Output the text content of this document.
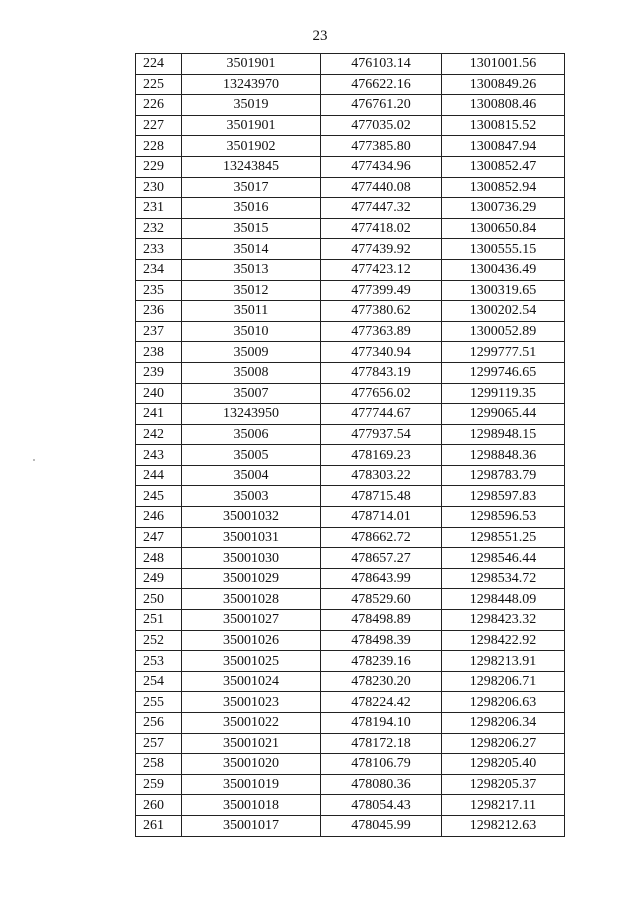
23
224	3501901	476103.14	1301001.56
225	13243970	476622.16	1300849.26
226	35019	476761.20	1300808.46
227	3501901	477035.02	1300815.52
228	3501902	477385.80	1300847.94
229	13243845	477434.96	1300852.47
230	35017	477440.08	1300852.94
231	35016	477447.32	1300736.29
232	35015	477418.02	1300650.84
233	35014	477439.92	1300555.15
234	35013	477423.12	1300436.49
235	35012	477399.49	1300319.65
236	35011	477380.62	1300202.54
237	35010	477363.89	1300052.89
238	35009	477340.94	1299777.51
239	35008	477843.19	1299746.65
240	35007	477656.02	1299119.35
241	13243950	477744.67	1299065.44
242	35006	477937.54	1298948.15
243	35005	478169.23	1298848.36
244	35004	478303.22	1298783.79
245	35003	478715.48	1298597.83
246	35001032	478714.01	1298596.53
247	35001031	478662.72	1298551.25
248	35001030	478657.27	1298546.44
249	35001029	478643.99	1298534.72
250	35001028	478529.60	1298448.09
251	35001027	478498.89	1298423.32
252	35001026	478498.39	1298422.92
253	35001025	478239.16	1298213.91
254	35001024	478230.20	1298206.71
255	35001023	478224.42	1298206.63
256	35001022	478194.10	1298206.34
257	35001021	478172.18	1298206.27
258	35001020	478106.79	1298205.40
259	35001019	478080.36	1298205.37
260	35001018	478054.43	1298217.11
261	35001017	478045.99	1298212.63
